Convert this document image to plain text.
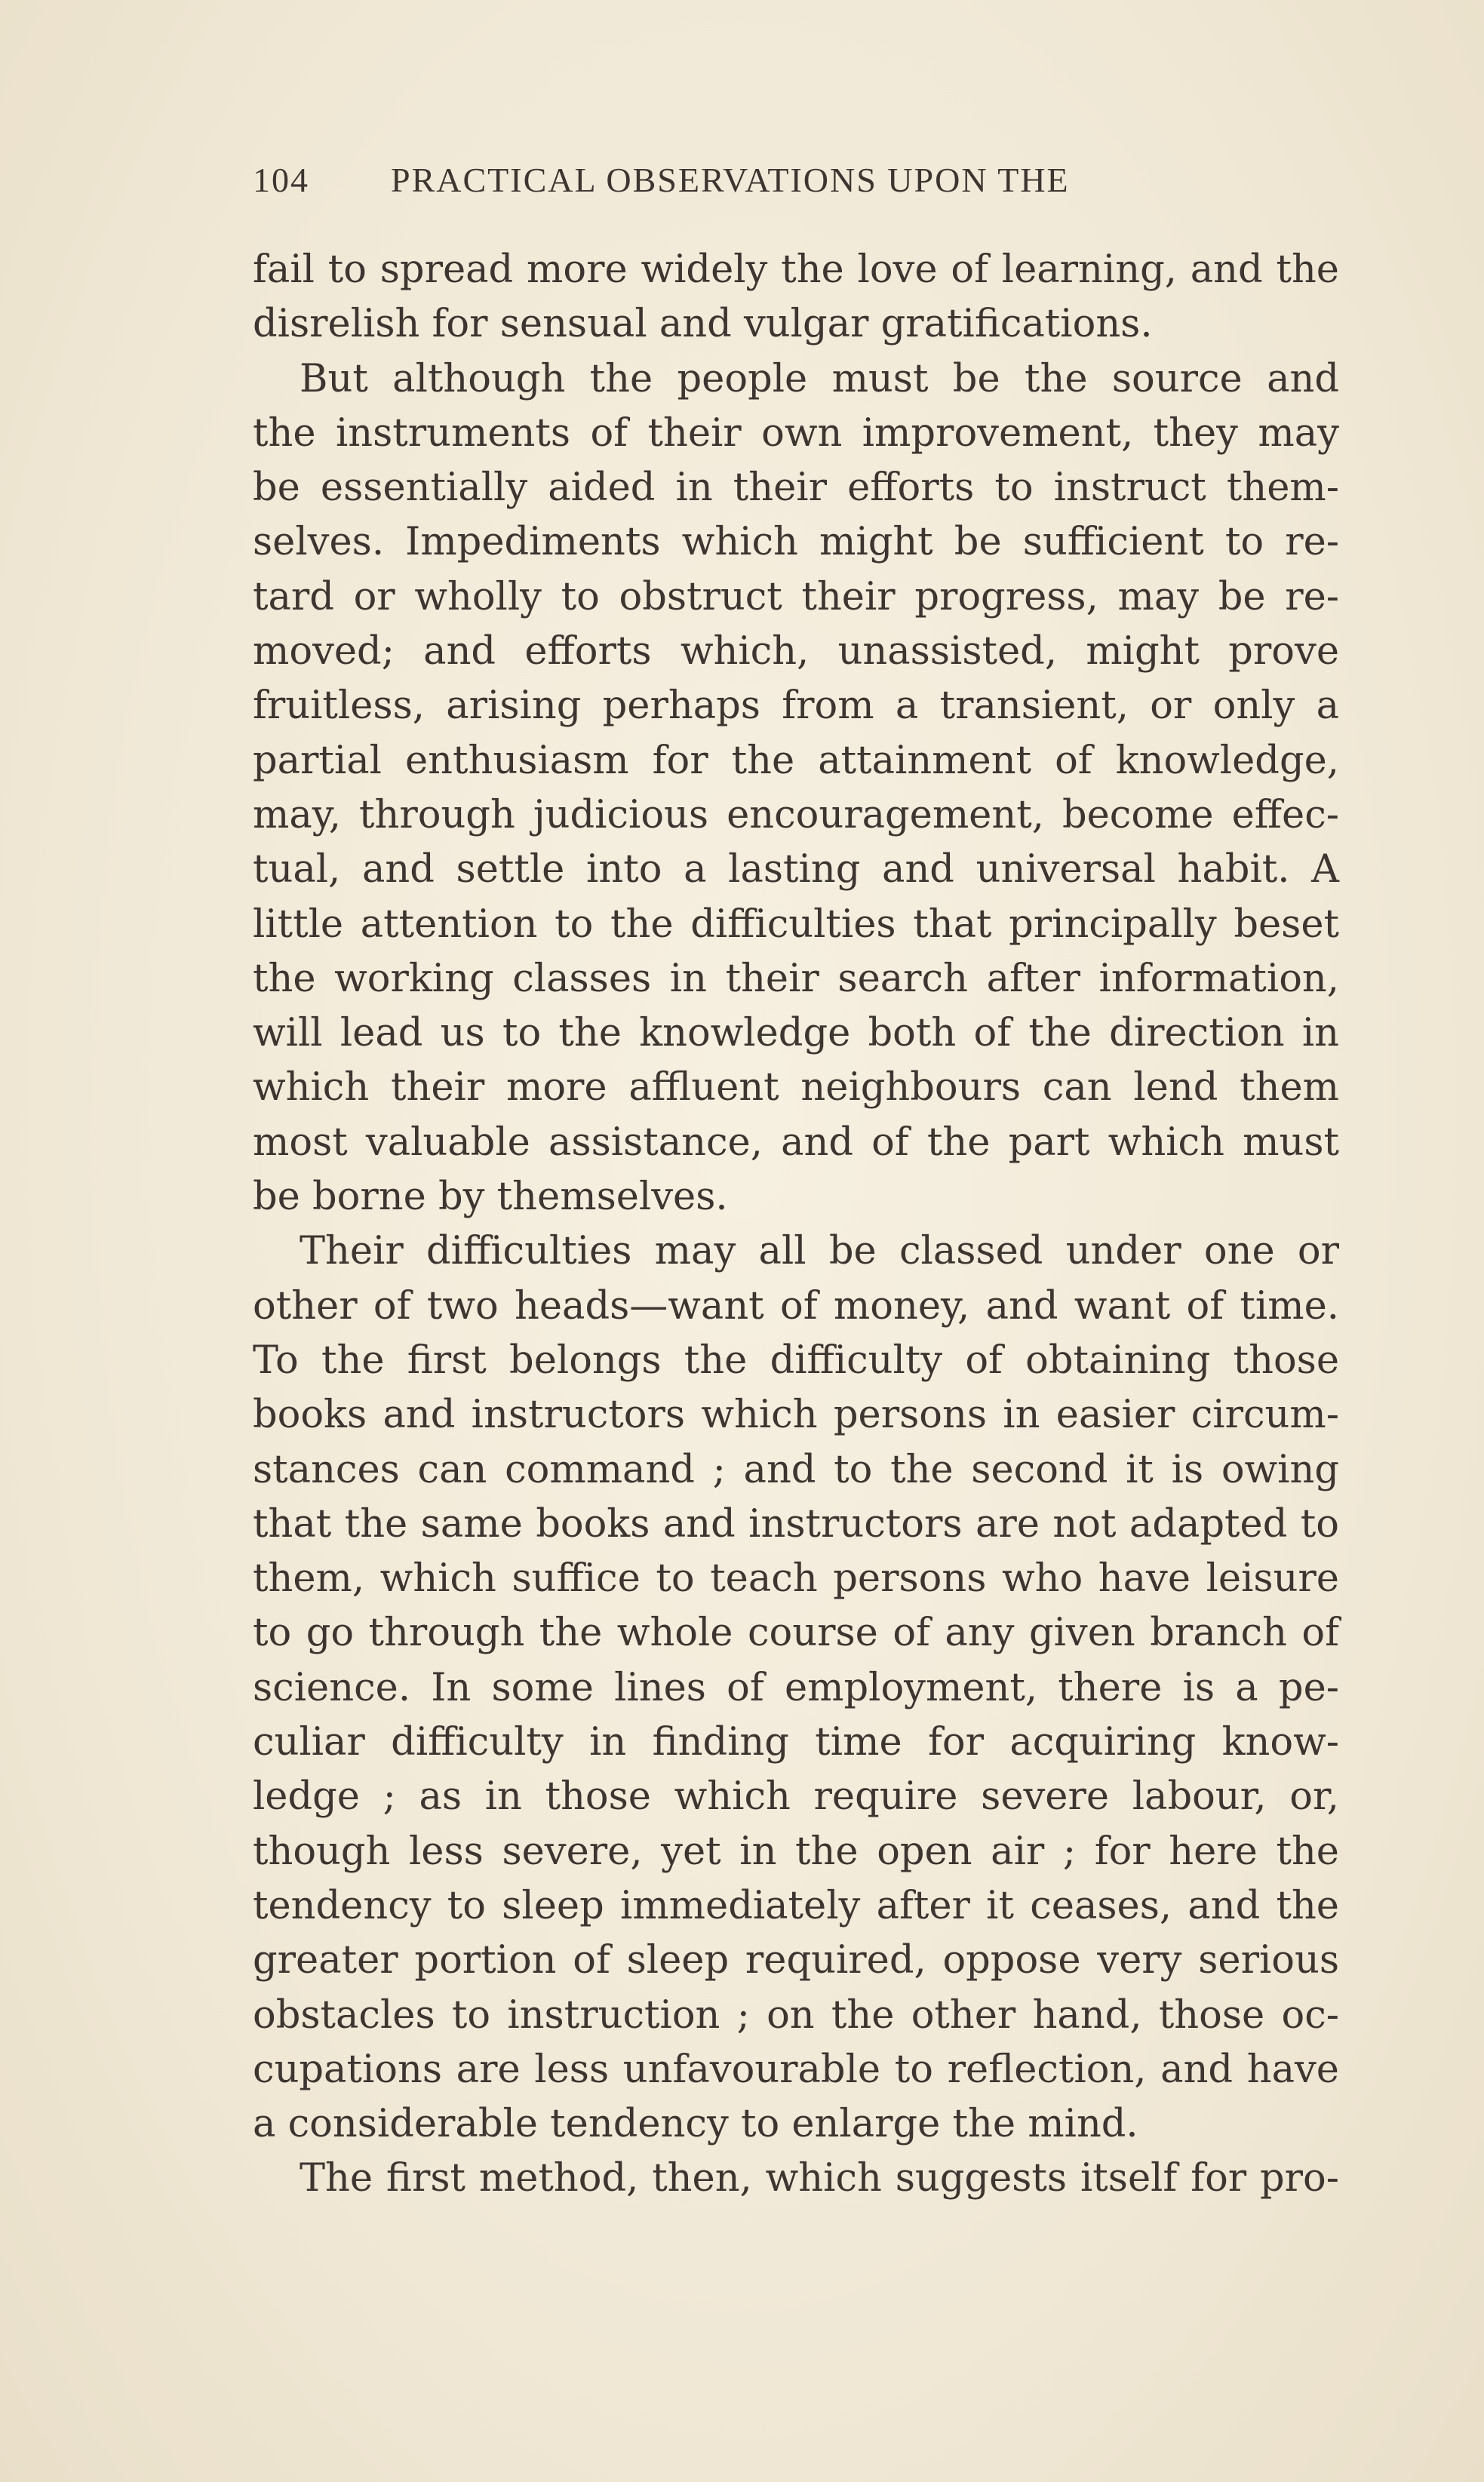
104 PRACTICAL OBSERVATIONS UPON THE
fail to spread more widely the love of learning, and the
disrelish for sensual and vulgar gratifications.
But although the people must be the source and
the instruments of their own improvement, they may
be essentially aided in their efforts to instruct them-
selves. Impediments which might be sufficient to re-
tard or wholly to obstruct their progress, may be re-
moved; and efforts which, unassisted, might prove
fruitless, arising perhaps from a transient, or only a
partial enthusiasm for the attainment of knowledge,
may, through judicious encouragement, become effec-
tual, and settle into a lasting and universal habit. A
little attention to the difficulties that principally beset
the working classes in their search after information,
will lead us to the knowledge both of the direction in
which their more affluent neighbours can lend them
most valuable assistance, and of the part which must
be borne by themselves.
Their difficulties may all be classed under one or
other of two heads—want of money, and want of time.
To the first belongs the difficulty of obtaining those
books and instructors which persons in easier circum-
stances can command ; and to the second it is owing
that the same books and instructors are not adapted to
them, which suffice to teach persons who have leisure
to go through the whole course of any given branch of
science. In some lines of employment, there is a pe-
culiar difficulty in finding time for acquiring know-
ledge ; as in those which require severe labour, or,
though less severe, yet in the open air ; for here the
tendency to sleep immediately after it ceases, and the
greater portion of sleep required, oppose very serious
obstacles to instruction ; on the other hand, those oc-
cupations are less unfavourable to reflection, and have
a considerable tendency to enlarge the mind.
The first method, then, which suggests itself for pro-
